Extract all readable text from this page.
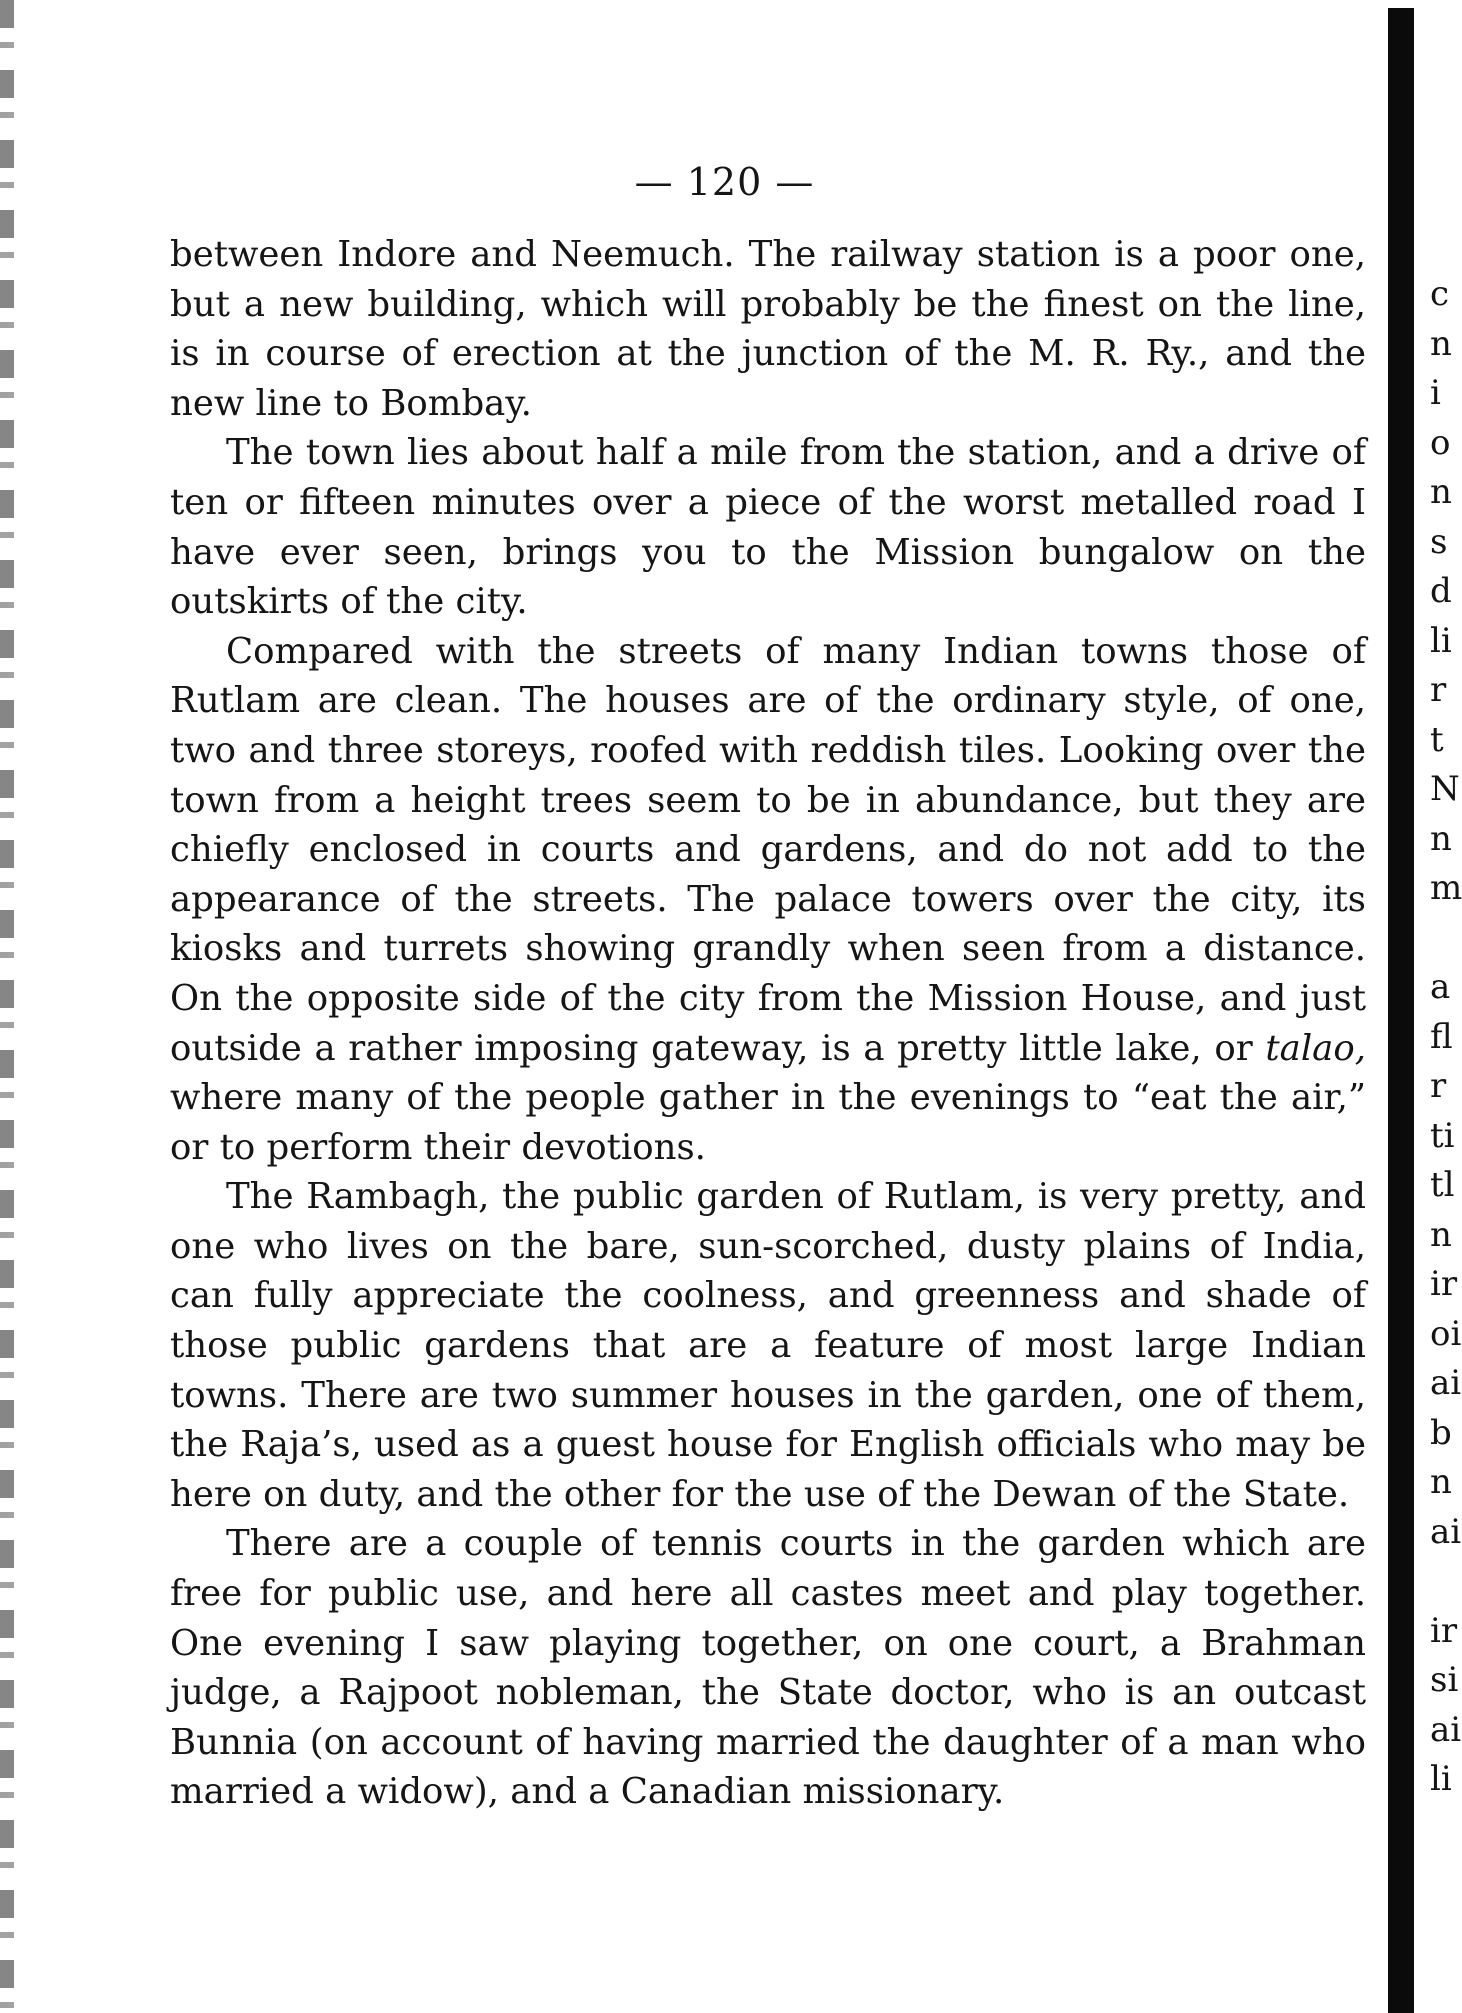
— 120 —

between Indore and Neemuch. The railway station is a poor one, but a new building, which will probably be the finest on the line, is in course of erection at the junction of the M. R. Ry., and the new line to Bombay.

The town lies about half a mile from the station, and a drive of ten or fifteen minutes over a piece of the worst metalled road I have ever seen, brings you to the Mission bungalow on the outskirts of the city.

Compared with the streets of many Indian towns those of Rutlam are clean. The houses are of the ordinary style, of one, two and three storeys, roofed with reddish tiles. Looking over the town from a height trees seem to be in abundance, but they are chiefly enclosed in courts and gardens, and do not add to the appearance of the streets. The palace towers over the city, its kiosks and turrets showing grandly when seen from a distance. On the opposite side of the city from the Mission House, and just outside a rather imposing gateway, is a pretty little lake, or talao, where many of the people gather in the evenings to “eat the air,” or to perform their devotions.

The Rambagh, the public garden of Rutlam, is very pretty, and one who lives on the bare, sun-scorched, dusty plains of India, can fully appreciate the coolness, and greenness and shade of those public gardens that are a feature of most large Indian towns. There are two summer houses in the garden, one of them, the Raja’s, used as a guest house for English officials who may be here on duty, and the other for the use of the Dewan of the State.

There are a couple of tennis courts in the garden which are free for public use, and here all castes meet and play together. One evening I saw playing together, on one court, a Brahman judge, a Rajpoot nobleman, the State doctor, who is an outcast Bunnia (on account of having married the daughter of a man who married a widow), and a Canadian missionary.

c
n
i
o
n
s
d
li
r
t
N
n
m
a
fl
r
ti
tl
n
ir
oi
ai
b
n
ai
ir
si
ai
li
